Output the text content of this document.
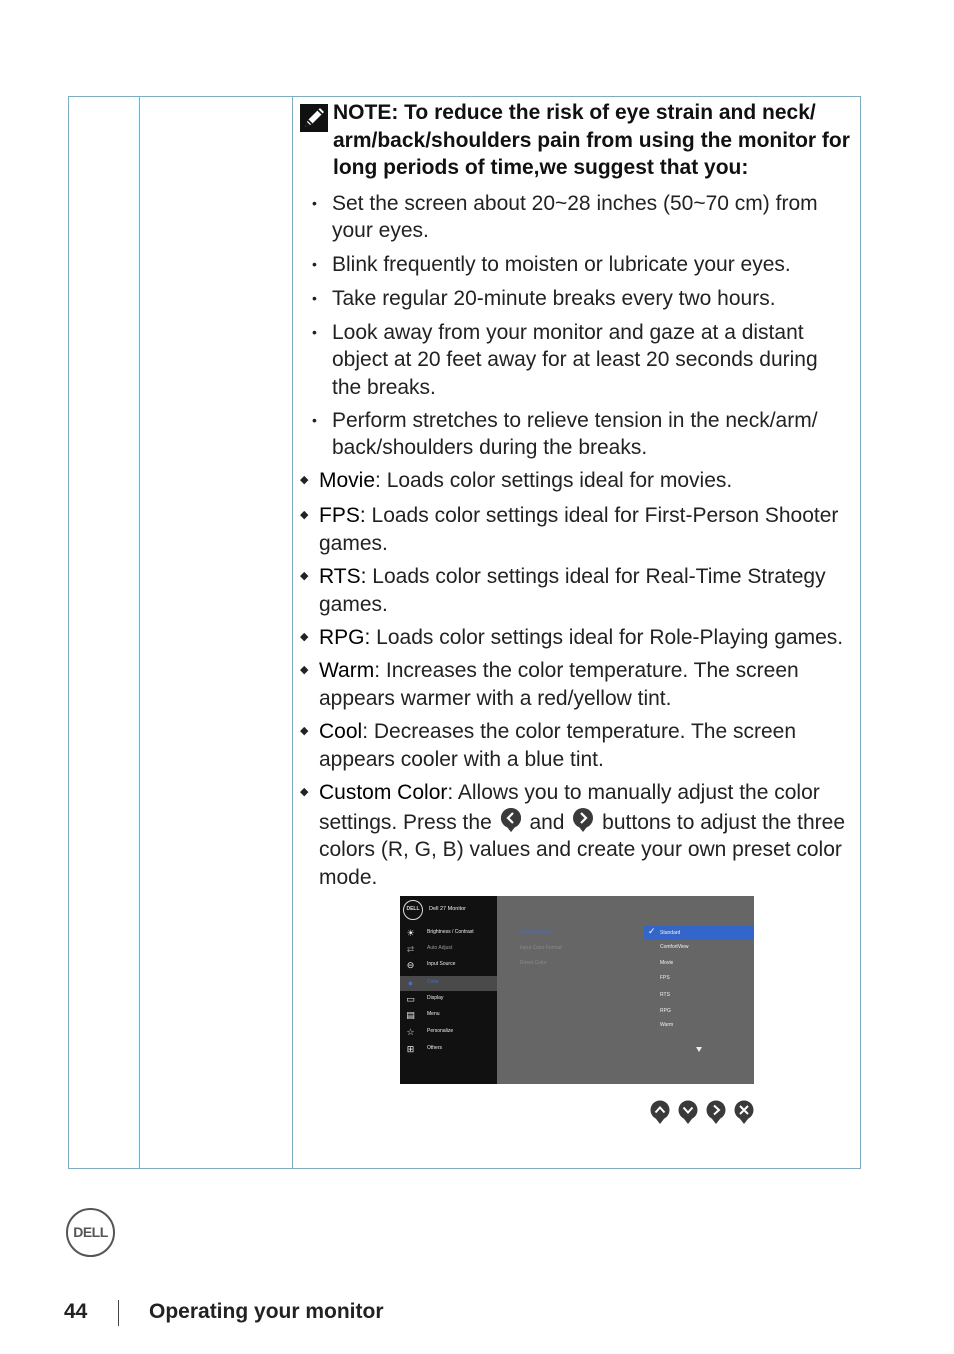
NOTE: To reduce the risk of eye strain and neck/ arm/back/shoulders pain from using the monitor for long periods of time,we suggest that you:
• Set the screen about 20~28 inches (50~70 cm) from your eyes.
• Blink frequently to moisten or lubricate your eyes.
• Take regular 20-minute breaks every two hours.
• Look away from your monitor and gaze at a distant object at 20 feet away for at least 20 seconds during the breaks.
• Perform stretches to relieve tension in the neck/arm/ back/shoulders during the breaks.
◆ Movie: Loads color settings ideal for movies.
◆ FPS: Loads color settings ideal for First-Person Shooter games.
◆ RTS: Loads color settings ideal for Real-Time Strategy games.
◆ RPG: Loads color settings ideal for Role-Playing games.
◆ Warm: Increases the color temperature. The screen appears warmer with a red/yellow tint.
◆ Cool: Decreases the color temperature. The screen appears cooler with a blue tint.
◆ Custom Color: Allows you to manually adjust the color settings. Press the and buttons to adjust the three colors (R, G, B) values and create your own preset color mode.
DELL	Dell 27 Monitor
☀	Brightness / Contrast
⇄	Auto Adjust
⊖	Input Source
●	Color
▭	Display
▤	Menu
☆	Personalize
⊞	Others
Preset Modes
Input Color Format
Reset Color
✓ Standard
ComfortView
Movie
FPS
RTS
RPG
Warm
DELL
44	Operating your monitor
